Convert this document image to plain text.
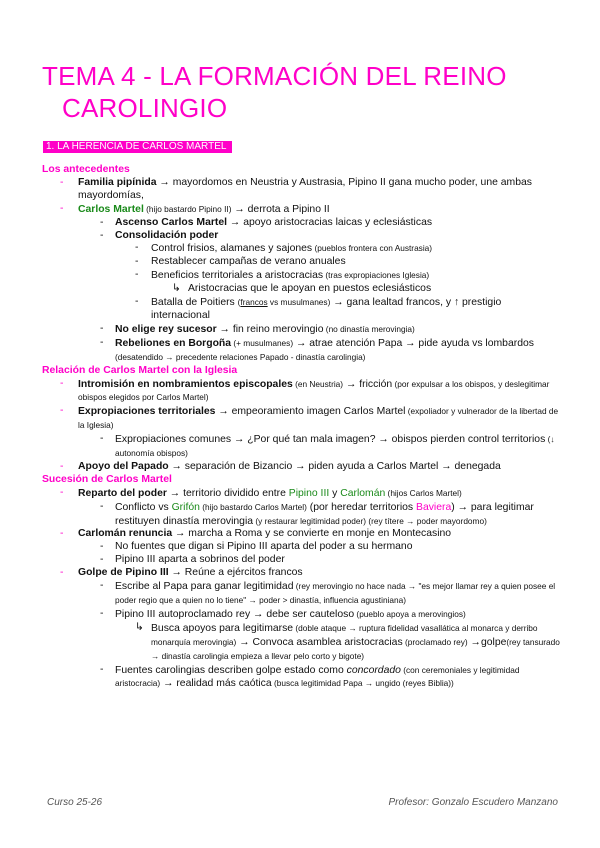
TEMA 4 - LA FORMACIÓN DEL REINO
CAROLINGIO
1. LA HERENCIA DE CARLOS MARTEL
Los antecedentes
- Familia pipínida → mayordomos en Neustria y Austrasia, Pipino II gana mucho poder, une ambas mayordomías,
- Carlos Martel (hijo bastardo Pipino II) → derrota a Pipino II
- Ascenso Carlos Martel → apoyo aristocracias laicas y eclesiásticas
- Consolidación poder
- Control frisios, alamanes y sajones (pueblos frontera con Austrasia)
- Restablecer campañas de verano anuales
- Beneficios territoriales a aristocracias (tras expropiaciones Iglesia)
↳ Aristocracias que le apoyan en puestos eclesiásticos
- Batalla de Poitiers (francos vs musulmanes) → gana lealtad francos, y ↑ prestigio internacional
- No elige rey sucesor → fin reino merovingio (no dinastía merovingia)
- Rebeliones en Borgoña (+ musulmanes) → atrae atención Papa → pide ayuda vs lombardos (desatendido → precedente relaciones Papado - dinastía carolingia)
Relación de Carlos Martel con la Iglesia
- Intromisión en nombramientos episcopales (en Neustria) → fricción (por expulsar a los obispos, y deslegitimar obispos elegidos por Carlos Martel)
- Expropiaciones territoriales → empeoramiento imagen Carlos Martel (expoliador y vulnerador de la libertad de la Iglesia)
- Expropiaciones comunes → ¿Por qué tan mala imagen? → obispos pierden control territorios (↓ autonomía obispos)
- Apoyo del Papado → separación de Bizancio → piden ayuda a Carlos Martel → denegada
Sucesión de Carlos Martel
- Reparto del poder → territorio dividido entre Pipino III y Carlomán (hijos Carlos Martel)
- Conflicto vs Grifón (hijo bastardo Carlos Martel) (por heredar territorios Baviera) → para legitimar restituyen dinastía merovingia (y restaurar legitimidad poder) (rey títere → poder mayordomo)
- Carlomán renuncia → marcha a Roma y se convierte en monje en Montecasino
- No fuentes que digan si Pipino III aparta del poder a su hermano
- Pipino III aparta a sobrinos del poder
- Golpe de Pipino III → Reúne a ejércitos francos
- Escribe al Papa para ganar legitimidad (rey merovingio no hace nada → "es mejor llamar rey a quien posee el poder regio que a quien no lo tiene" → poder > dinastía, influencia agustiniana)
- Pipino III autoproclamado rey → debe ser cauteloso (pueblo apoya a merovingios)
↳ Busca apoyos para legitimarse (doble ataque → ruptura fidelidad vasallática al monarca y derribo monarquía merovingia) → Convoca asamblea aristocracias (proclamado rey) →golpe(rey tansurado → dinastía carolingia empieza a llevar pelo corto y bigote)
- Fuentes carolingias describen golpe estado como concordado (con ceremoniales y legitimidad aristocracia) → realidad más caótica (busca legitimidad Papa → ungido (reyes Biblia))
Curso 25-26	Profesor: Gonzalo Escudero Manzano
